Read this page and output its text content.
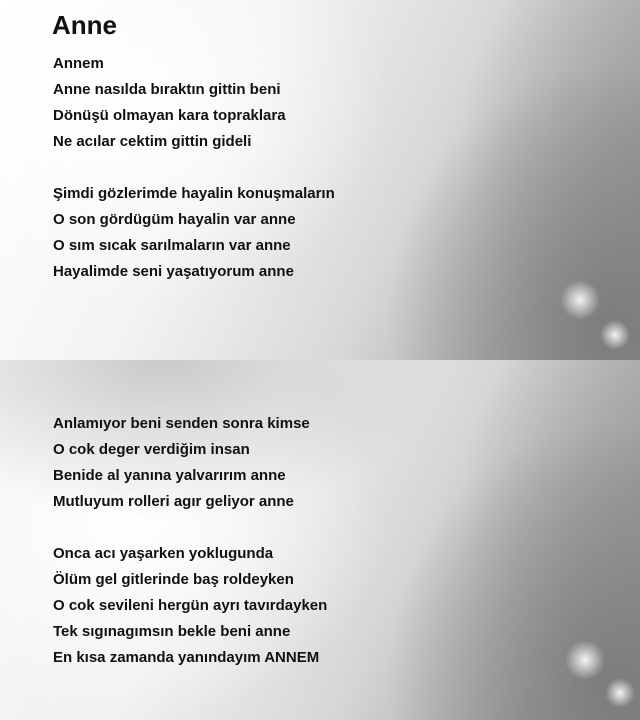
Anne
Annem
Anne nasılda bıraktın gittin beni
Dönüşü olmayan kara topraklara
Ne acılar cektim gittin gideli
Şimdi gözlerimde hayalin konuşmaların
O son gördügüm hayalin var anne
O sım sıcak sarılmaların var anne
Hayalimde seni yaşatıyorum anne
Anlamıyor beni senden sonra kimse
O cok deger verdiğim insan
Benide al yanına yalvarırım anne
Mutluyum rolleri agır geliyor anne
Onca acı yaşarken yoklugunda
Ölüm gel gitlerinde baş roldeyken
O cok sevileni hergün ayrı tavırdayken
Tek sıgınagımsın bekle beni anne
En kısa zamanda yanındayım ANNEM
